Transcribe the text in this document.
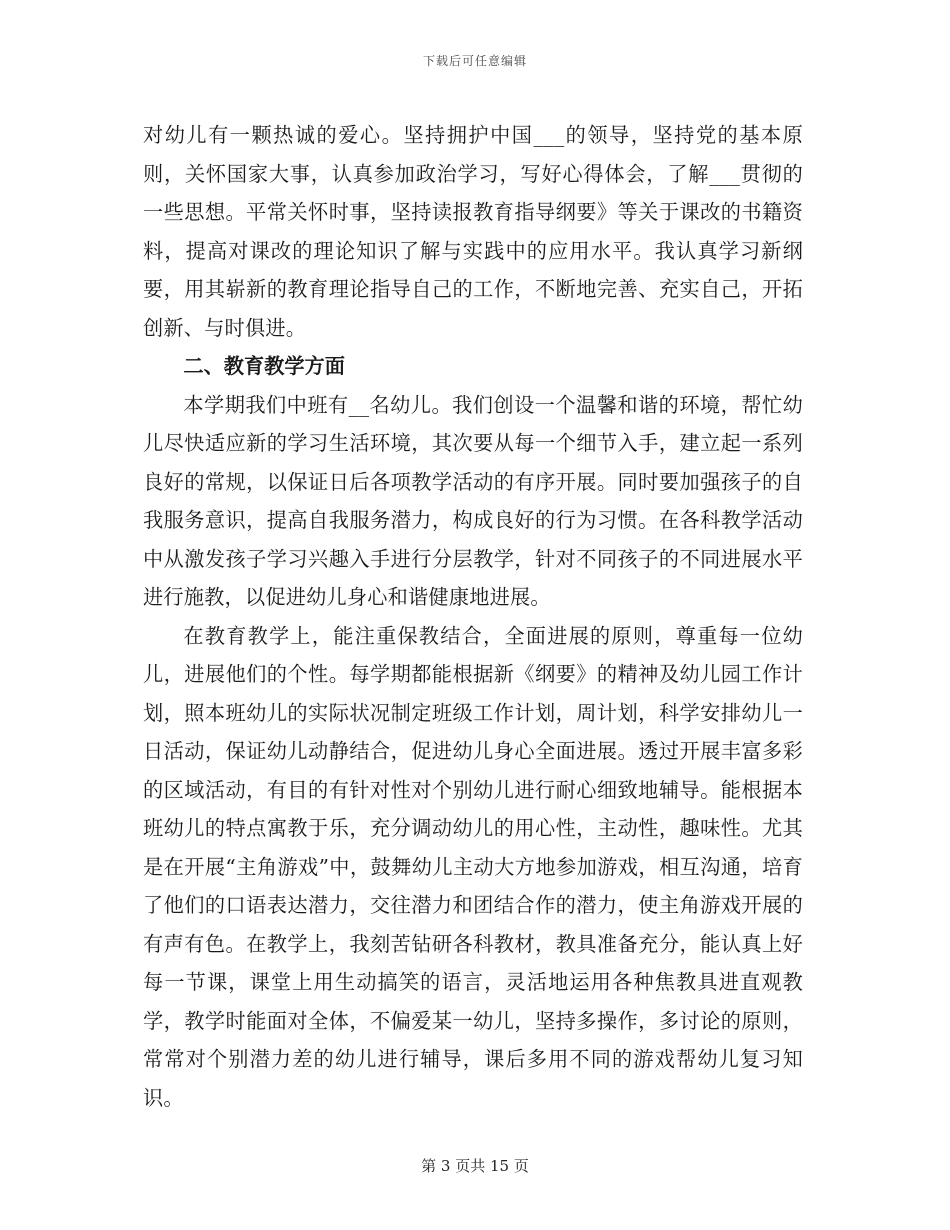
下载后可任意编辑

对幼儿有一颗热诚的爱心。坚持拥护中国___的领导，坚持党的基本原则，关怀国家大事，认真参加政治学习，写好心得体会，了解___贯彻的一些思想。平常关怀时事，坚持读报教育指导纲要》等关于课改的书籍资料，提高对课改的理论知识了解与实践中的应用水平。我认真学习新纲要，用其崭新的教育理论指导自己的工作，不断地完善、充实自己，开拓创新、与时俱进。

二、教育教学方面

本学期我们中班有__名幼儿。我们创设一个温馨和谐的环境，帮忙幼儿尽快适应新的学习生活环境，其次要从每一个细节入手，建立起一系列良好的常规，以保证日后各项教学活动的有序开展。同时要加强孩子的自我服务意识，提高自我服务潜力，构成良好的行为习惯。在各科教学活动中从激发孩子学习兴趣入手进行分层教学，针对不同孩子的不同进展水平进行施教，以促进幼儿身心和谐健康地进展。

在教育教学上，能注重保教结合，全面进展的原则，尊重每一位幼儿，进展他们的个性。每学期都能根据新《纲要》的精神及幼儿园工作计划，照本班幼儿的实际状况制定班级工作计划，周计划，科学安排幼儿一日活动，保证幼儿动静结合，促进幼儿身心全面进展。透过开展丰富多彩的区域活动，有目的有针对性对个别幼儿进行耐心细致地辅导。能根据本班幼儿的特点寓教于乐，充分调动幼儿的用心性，主动性，趣味性。尤其是在开展“主角游戏”中，鼓舞幼儿主动大方地参加游戏，相互沟通，培育了他们的口语表达潜力，交往潜力和团结合作的潜力，使主角游戏开展的有声有色。在教学上，我刻苦钻研各科教材，教具准备充分，能认真上好每一节课，课堂上用生动搞笑的语言，灵活地运用各种焦教具进直观教学，教学时能面对全体，不偏爱某一幼儿，坚持多操作，多讨论的原则，常常对个别潜力差的幼儿进行辅导，课后多用不同的游戏帮幼儿复习知识。

第 3 页共 15 页
